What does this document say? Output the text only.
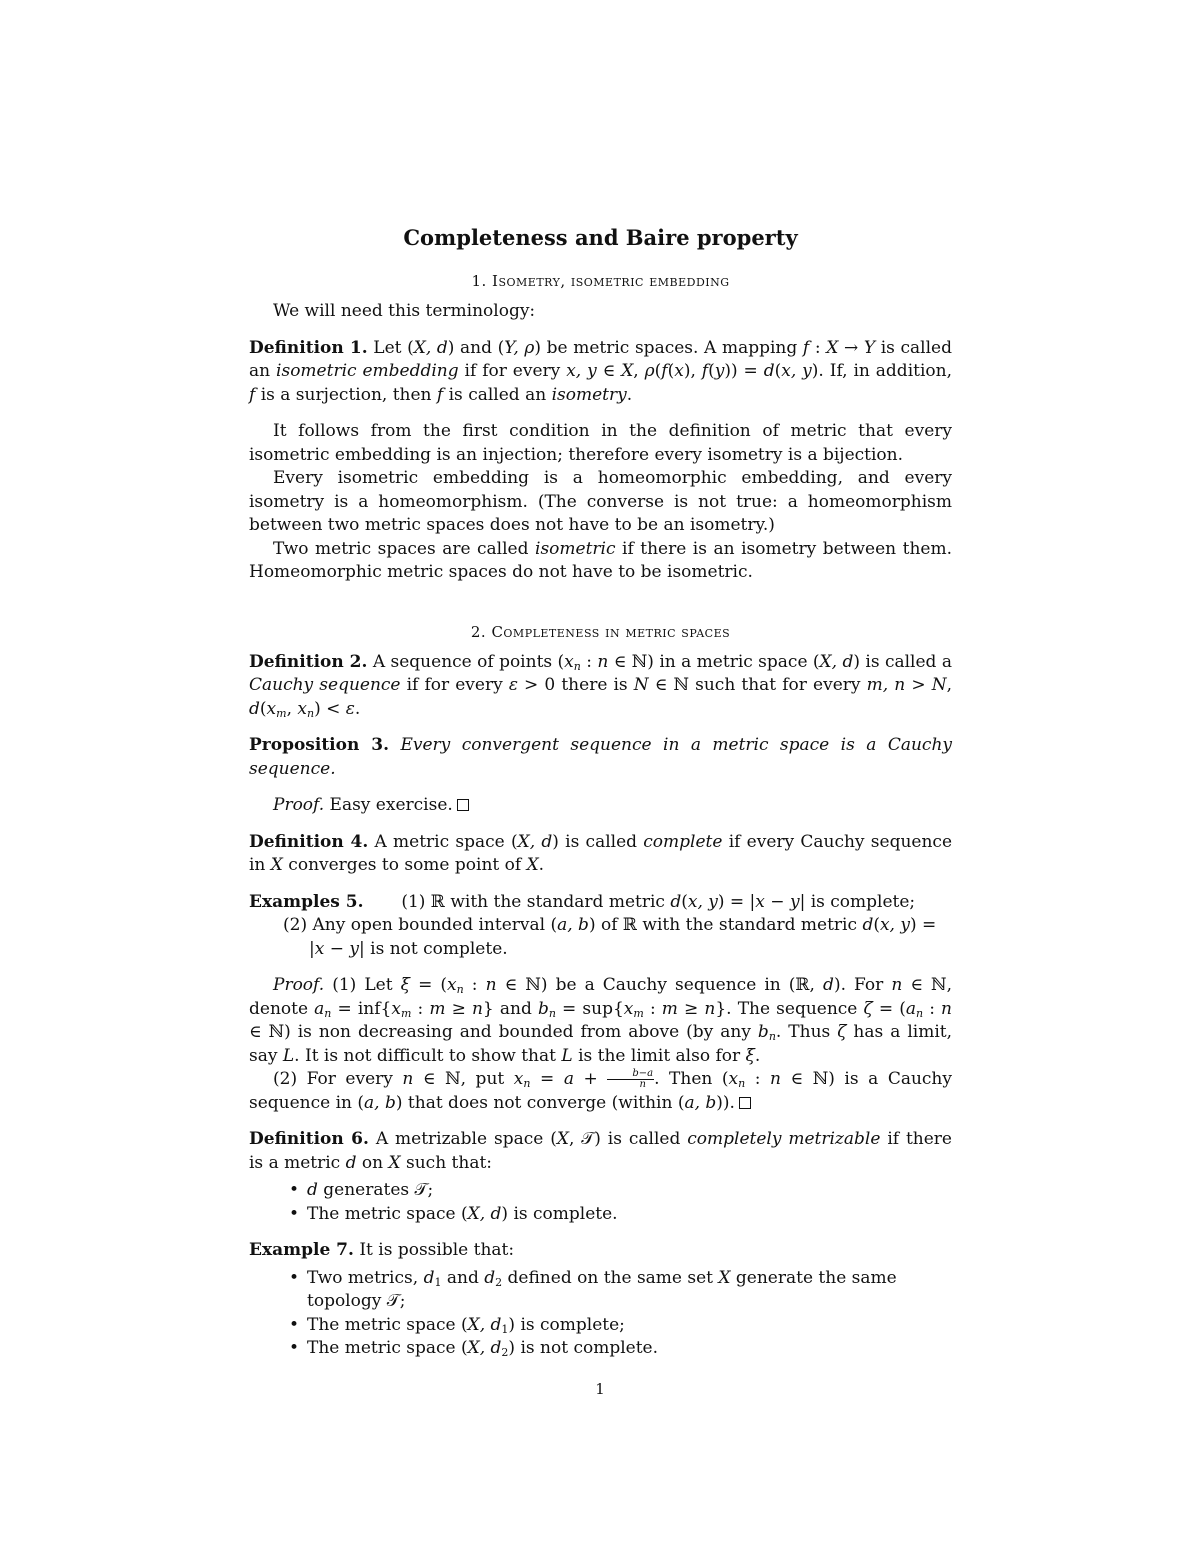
Completeness and Baire property
1. Isometry, isometric embedding

We will need this terminology:

Definition 1. Let (X, d) and (Y, ρ) be metric spaces. A mapping f : X → Y is called an isometric embedding if for every x, y ∈ X, ρ(f(x), f(y)) = d(x, y). If, in addition, f is a surjection, then f is called an isometry.

It follows from the first condition in the definition of metric that every isometric embedding is an injection; therefore every isometry is a bijection.

Every isometric embedding is a homeomorphic embedding, and every isometry is a homeomorphism. (The converse is not true: a homeomorphism between two metric spaces does not have to be an isometry.)

Two metric spaces are called isometric if there is an isometry between them. Homeomorphic metric spaces do not have to be isometric.

2. Completeness in metric spaces

Definition 2. A sequence of points ($x_n$ : n ∈ ℕ) in a metric space (X, d) is called a Cauchy sequence if for every ε > 0 there is N ∈ ℕ such that for every m, n > N, $d(x_m$, $x_n) < \varepsilon$.

Proposition 3. Every convergent sequence in a metric space is a Cauchy sequence.

Proof. Easy exercise.

Definition 4. A metric space (X, d) is called complete if every Cauchy sequence in X converges to some point of X.

Examples 5.       (1) ℝ with the standard metric d(x, y) = |x − y| is complete;
(2) Any open bounded interval (a, b) of ℝ with the standard metric d(x, y) =
|x − y| is not complete.

Proof. (1) Let $\xi = (x_n$ : n ∈ ℕ) be a Cauchy sequence in (ℝ, d). For n ∈ ℕ, denote $a_n = inf\{x_m$ : m ≥ n} and $b_n = sup\{x_m$ : m ≥ n}. The sequence $\zeta = (a_n$ : n ∈ ℕ) is non decreasing and bounded from above (by any $b_n$. Thus ζ has a limit, say L. It is not difficult to show that L is the limit also for ξ.

(2) For every n ∈ ℕ, put $x_n = a + \frac{b-a}{n}$ . Then ($x_n$ : n ∈ ℕ) is a Cauchy sequence in (a, b) that does not converge (within (a, b)).

Definition 6. A metrizable space (X, 𝒯) is called completely metrizable if there is a metric d on X such that:

• d generates 𝒯;
• The metric space (X, d) is complete.

Example 7. It is possible that:

• Two metrics, $d_1$ and $d_2$ defined on the same set X generate the same topology 𝒯;
• The metric space (X, $d_1$) is complete;
• The metric space (X, $d_2$) is not complete.
1
